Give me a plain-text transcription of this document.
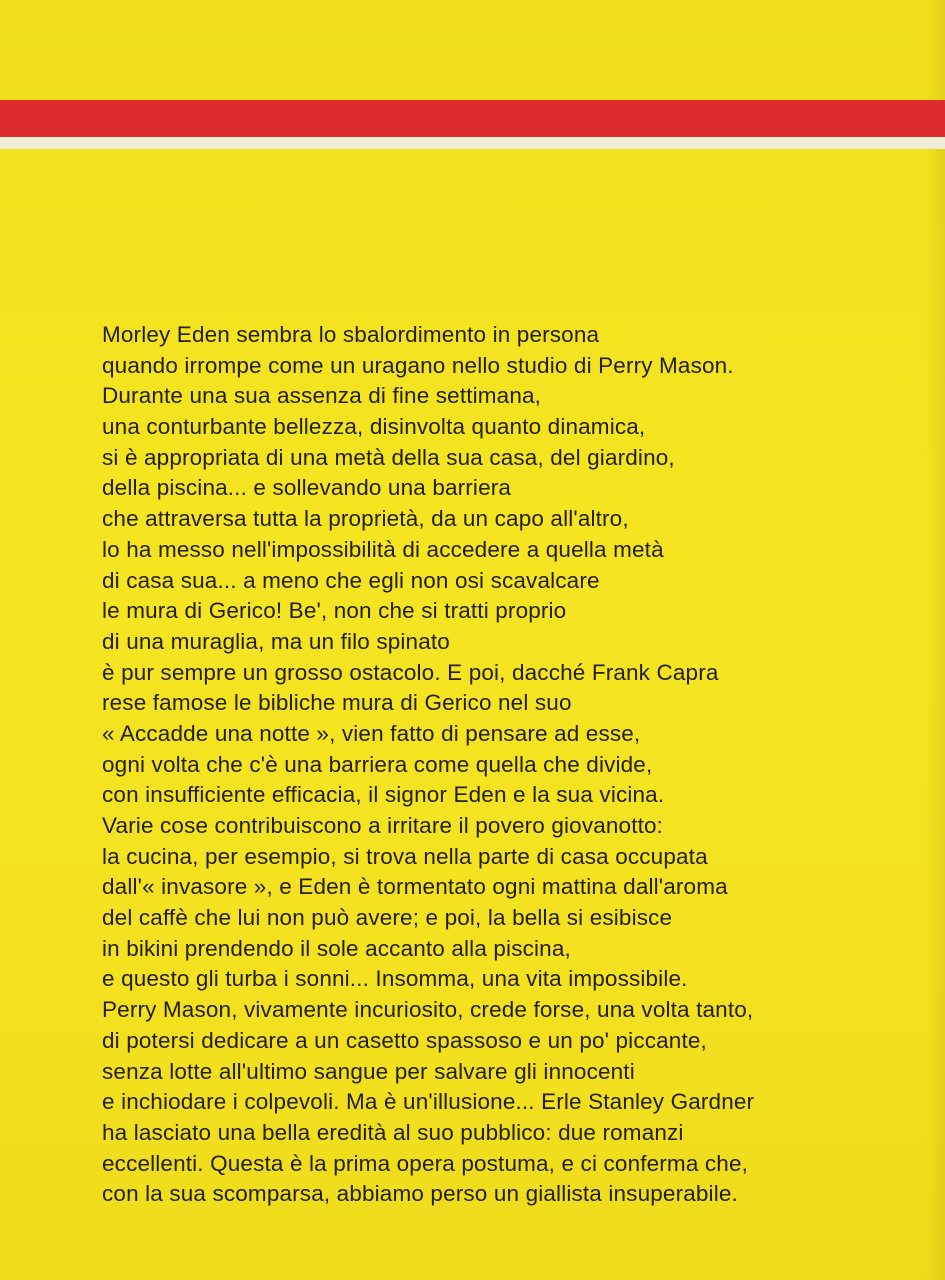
Morley Eden sembra lo sbalordimento in persona
quando irrompe come un uragano nello studio di Perry Mason.
Durante una sua assenza di fine settimana,
una conturbante bellezza, disinvolta quanto dinamica,
si è appropriata di una metà della sua casa, del giardino,
della piscina... e sollevando una barriera
che attraversa tutta la proprietà, da un capo all'altro,
lo ha messo nell'impossibilità di accedere a quella metà
di casa sua... a meno che egli non osi scavalcare
le mura di Gerico! Be', non che si tratti proprio
di una muraglia, ma un filo spinato
è pur sempre un grosso ostacolo. E poi, dacché Frank Capra
rese famose le bibliche mura di Gerico nel suo
« Accadde una notte », vien fatto di pensare ad esse,
ogni volta che c'è una barriera come quella che divide,
con insufficiente efficacia, il signor Eden e la sua vicina.
Varie cose contribuiscono a irritare il povero giovanotto:
la cucina, per esempio, si trova nella parte di casa occupata
dall'« invasore », e Eden è tormentato ogni mattina dall'aroma
del caffè che lui non può avere; e poi, la bella si esibisce
in bikini prendendo il sole accanto alla piscina,
e questo gli turba i sonni... Insomma, una vita impossibile.
Perry Mason, vivamente incuriosito, crede forse, una volta tanto,
di potersi dedicare a un casetto spassoso e un po' piccante,
senza lotte all'ultimo sangue per salvare gli innocenti
e inchiodare i colpevoli. Ma è un'illusione... Erle Stanley Gardner
ha lasciato una bella eredità al suo pubblico: due romanzi
eccellenti. Questa è la prima opera postuma, e ci conferma che,
con la sua scomparsa, abbiamo perso un giallista insuperabile.
